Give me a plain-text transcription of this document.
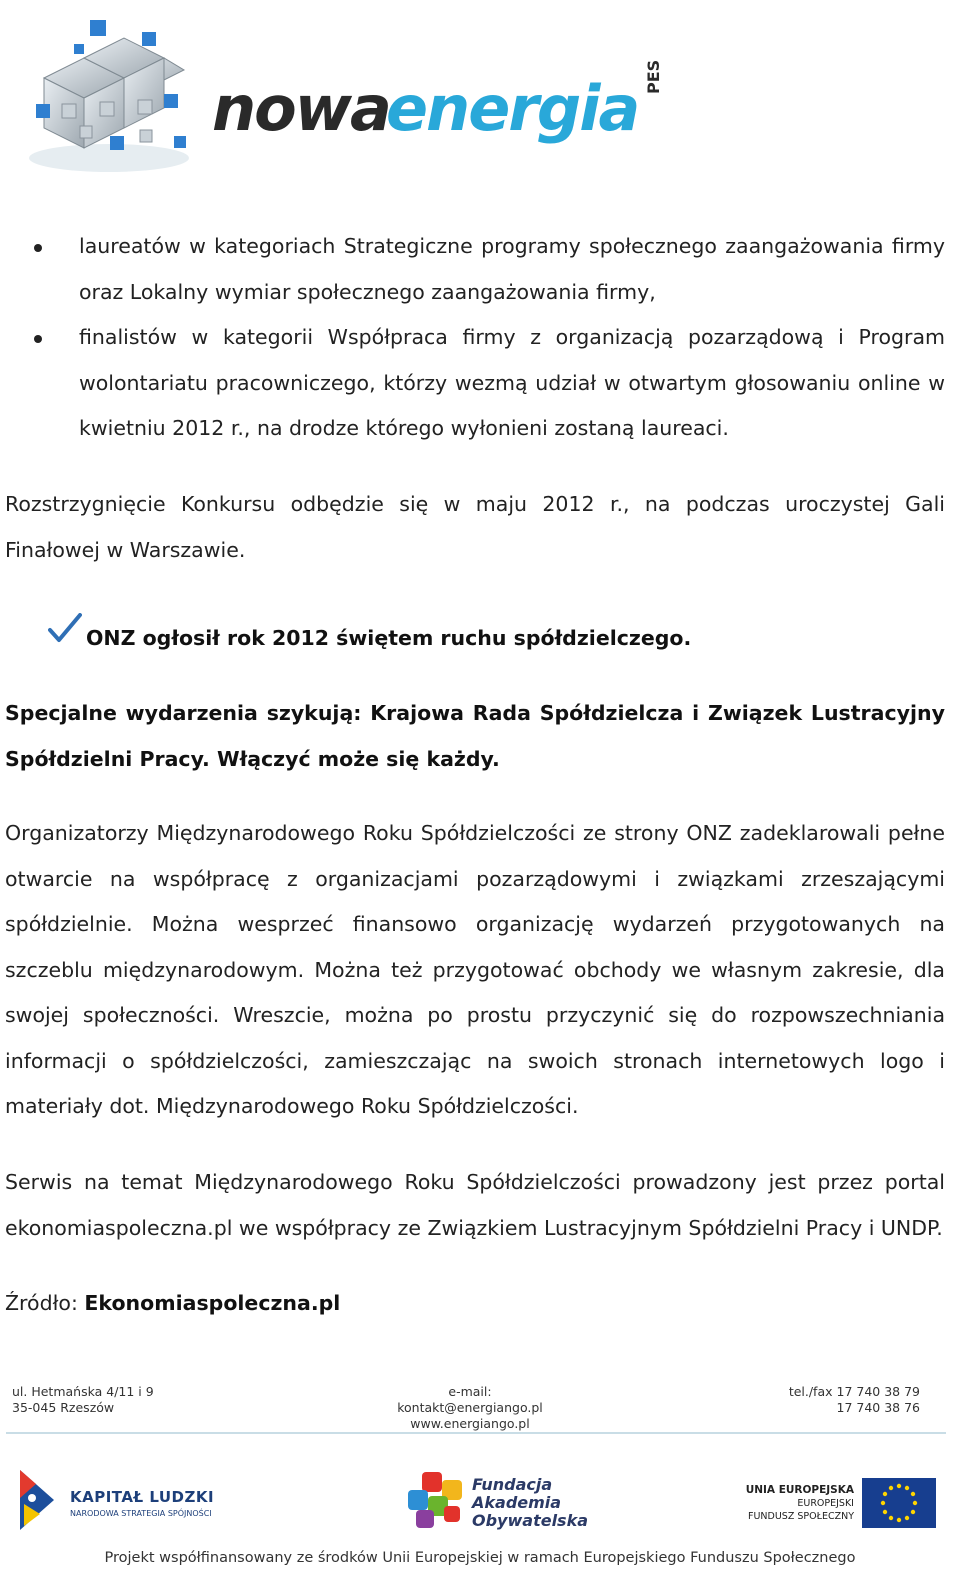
nowa
energia PES
laureatów w kategoriach Strategiczne programy społecznego zaangażowania firmy oraz Lokalny wymiar społecznego zaangażowania firmy,
finalistów w kategorii Współpraca firmy z organizacją pozarządową i Program wolontariatu pracowniczego, którzy wezmą udział w otwartym głosowaniu online w kwietniu 2012 r., na drodze którego wyłonieni zostaną laureaci.
Rozstrzygnięcie Konkursu odbędzie się w maju 2012 r., na podczas uroczystej Gali Finałowej w Warszawie.
ONZ ogłosił rok 2012 świętem ruchu spółdzielczego.
Specjalne wydarzenia szykują: Krajowa Rada Spółdzielcza i Związek Lustracyjny Spółdzielni Pracy. Włączyć może się każdy.
Organizatorzy Międzynarodowego Roku Spółdzielczości ze strony ONZ zadeklarowali pełne otwarcie na współpracę z organizacjami pozarządowymi i związkami zrzeszającymi spółdzielnie. Można wesprzeć finansowo organizację wydarzeń przygotowanych na szczeblu międzynarodowym. Można też przygotować obchody we własnym zakresie, dla swojej społeczności. Wreszcie, można po prostu przyczynić się do rozpowszechniania informacji o spółdzielczości, zamieszczając na swoich stronach internetowych logo i materiały dot. Międzynarodowego Roku Spółdzielczości.
Serwis na temat Międzynarodowego Roku Spółdzielczości prowadzony jest przez portal ekonomiaspoleczna.pl we współpracy ze Związkiem Lustracyjnym Spółdzielni Pracy i UNDP.
Źródło: Ekonomiaspoleczna.pl
ul. Hetmańska 4/11 i 9
35-045 Rzeszów
e-mail: kontakt@energiango.pl
www.energiango.pl
tel./fax 17 740 38 79
17 740 38 76
KAPITAŁ LUDZKI
NARODOWA STRATEGIA SPÓJNOŚCI
Fundacja
Akademia
Obywatelska
UNIA EUROPEJSKA
EUROPEJSKI
FUNDUSZ SPOŁECZNY
Projekt współfinansowany ze środków Unii Europejskiej w ramach Europejskiego Funduszu Społecznego
